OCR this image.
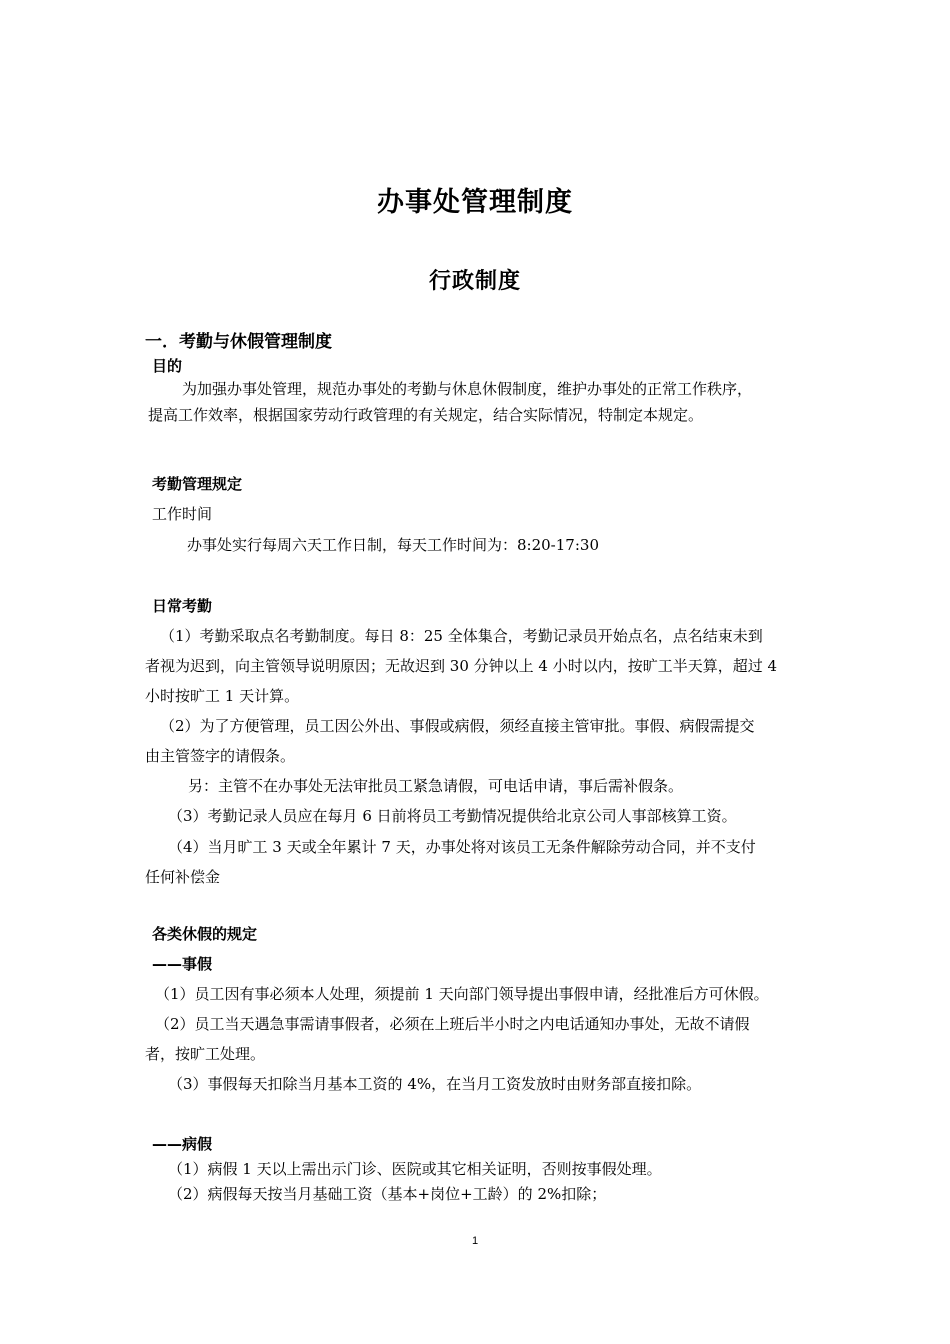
办事处管理制度
行政制度
一．考勤与休假管理制度
目的
为加强办事处管理，规范办事处的考勤与休息休假制度，维护办事处的正常工作秩序，
提高工作效率，根据国家劳动行政管理的有关规定，结合实际情况，特制定本规定。
考勤管理规定
工作时间
办事处实行每周六天工作日制，每天工作时间为：8:20-17:30
日常考勤
（1）考勤采取点名考勤制度。每日 8：25 全体集合，考勤记录员开始点名，点名结束未到
者视为迟到，向主管领导说明原因；无故迟到 30 分钟以上 4 小时以内，按旷工半天算，超过 4
小时按旷工 1 天计算。
（2）为了方便管理，员工因公外出、事假或病假，须经直接主管审批。事假、病假需提交
由主管签字的请假条。
另：主管不在办事处无法审批员工紧急请假，可电话申请，事后需补假条。
（3）考勤记录人员应在每月 6 日前将员工考勤情况提供给北京公司人事部核算工资。
（4）当月旷工 3 天或全年累计 7 天，办事处将对该员工无条件解除劳动合同，并不支付
任何补偿金
各类休假的规定
——事假
（1）员工因有事必须本人处理，须提前 1 天向部门领导提出事假申请，经批准后方可休假。
（2）员工当天遇急事需请事假者，必须在上班后半小时之内电话通知办事处，无故不请假
者，按旷工处理。
（3）事假每天扣除当月基本工资的 4%，在当月工资发放时由财务部直接扣除。
——病假
（1）病假 1 天以上需出示门诊、医院或其它相关证明，否则按事假处理。
（2）病假每天按当月基础工资（基本+岗位+工龄）的 2%扣除；
1
